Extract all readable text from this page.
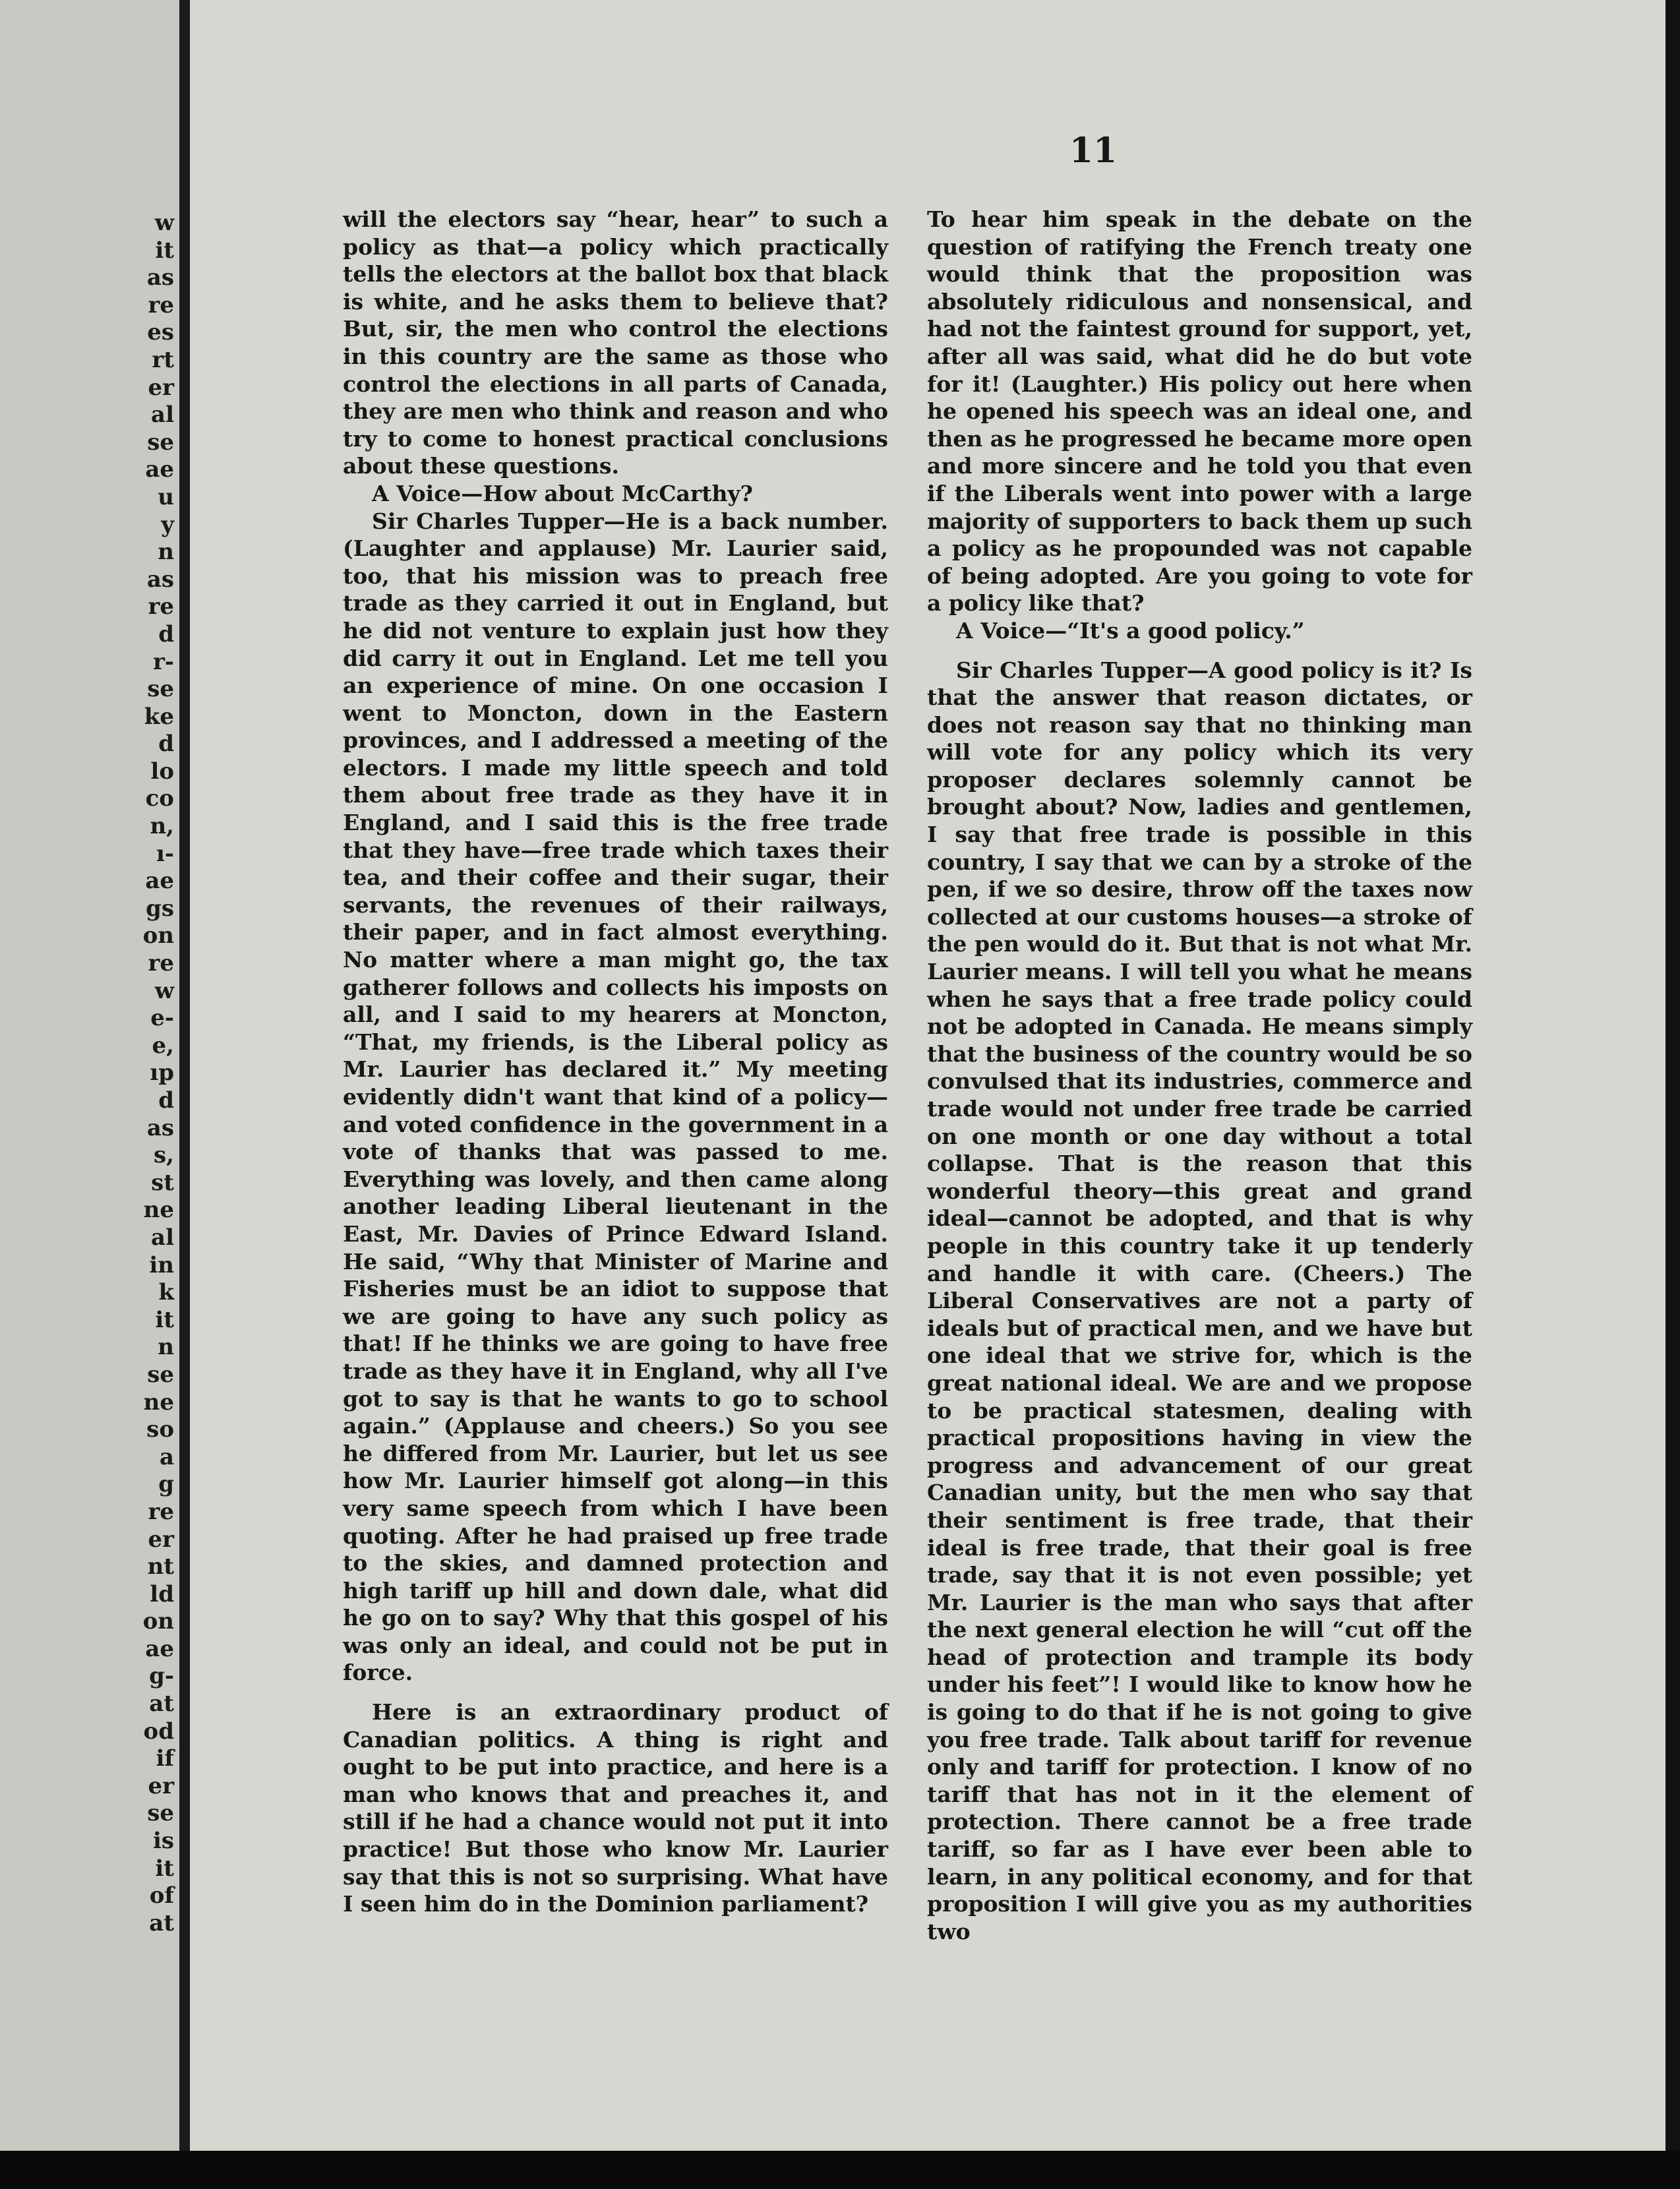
w
it
as
re
es
rt
er
al
se
ae
u
y
n
as
re
d
r-
se
ke
d
lo
co
n,
ı-
ae
gs
on
re
w
e-
e,
ıp
d
as
s,
st
ne
al
in
k
it
n
se
ne
so
a
g
re
er
nt
ld
on
ae
g-
at
od
if
er
se
is
it
of
at
11

will the electors say “hear, hear” to such a policy as that—a policy which practically tells the electors at the ballot box that black is white, and he asks them to believe that? But, sir, the men who control the elections in this country are the same as those who control the elections in all parts of Canada, they are men who think and reason and who try to come to honest practical conclusions about these questions.

A Voice—How about McCarthy?

Sir Charles Tupper—He is a back number. (Laughter and applause) Mr. Laurier said, too, that his mission was to preach free trade as they carried it out in England, but he did not venture to explain just how they did carry it out in England. Let me tell you an experience of mine. On one occasion I went to Moncton, down in the Eastern provinces, and I addressed a meeting of the electors. I made my little speech and told them about free trade as they have it in England, and I said this is the free trade that they have—free trade which taxes their tea, and their coffee and their sugar, their servants, the revenues of their railways, their paper, and in fact almost everything. No matter where a man might go, the tax gatherer follows and collects his imposts on all, and I said to my hearers at Moncton, “That, my friends, is the Liberal policy as Mr. Laurier has declared it.” My meeting evidently didn't want that kind of a policy—and voted confidence in the government in a vote of thanks that was passed to me. Everything was lovely, and then came along another leading Liberal lieutenant in the East, Mr. Davies of Prince Edward Island. He said, “Why that Minister of Marine and Fisheries must be an idiot to suppose that we are going to have any such policy as that! If he thinks we are going to have free trade as they have it in England, why all I've got to say is that he wants to go to school again.” (Applause and cheers.) So you see he differed from Mr. Laurier, but let us see how Mr. Laurier himself got along—in this very same speech from which I have been quoting. After he had praised up free trade to the skies, and damned protection and high tariff up hill and down dale, what did he go on to say? Why that this gospel of his was only an ideal, and could not be put in force.

Here is an extraordinary product of Canadian politics. A thing is right and ought to be put into practice, and here is a man who knows that and preaches it, and still if he had a chance would not put it into practice! But those who know Mr. Laurier say that this is not so surprising. What have I seen him do in the Dominion parliament?

To hear him speak in the debate on the question of ratifying the French treaty one would think that the proposition was absolutely ridiculous and nonsensical, and had not the faintest ground for support, yet, after all was said, what did he do but vote for it! (Laughter.) His policy out here when he opened his speech was an ideal one, and then as he progressed he became more open and more sincere and he told you that even if the Liberals went into power with a large majority of supporters to back them up such a policy as he propounded was not capable of being adopted. Are you going to vote for a policy like that?

A Voice—“It's a good policy.”

Sir Charles Tupper—A good policy is it? Is that the answer that reason dictates, or does not reason say that no thinking man will vote for any policy which its very proposer declares solemnly cannot be brought about? Now, ladies and gentlemen, I say that free trade is possible in this country, I say that we can by a stroke of the pen, if we so desire, throw off the taxes now collected at our customs houses—a stroke of the pen would do it. But that is not what Mr. Laurier means. I will tell you what he means when he says that a free trade policy could not be adopted in Canada. He means simply that the business of the country would be so convulsed that its industries, commerce and trade would not under free trade be carried on one month or one day without a total collapse. That is the reason that this wonderful theory—this great and grand ideal—cannot be adopted, and that is why people in this country take it up tenderly and handle it with care. (Cheers.) The Liberal Conservatives are not a party of ideals but of practical men, and we have but one ideal that we strive for, which is the great national ideal. We are and we propose to be practical statesmen, dealing with practical propositions having in view the progress and advancement of our great Canadian unity, but the men who say that their sentiment is free trade, that their ideal is free trade, that their goal is free trade, say that it is not even possible; yet Mr. Laurier is the man who says that after the next general election he will “cut off the head of protection and trample its body under his feet”! I would like to know how he is going to do that if he is not going to give you free trade. Talk about tariff for revenue only and tariff for protection. I know of no tariff that has not in it the element of protection. There cannot be a free trade tariff, so far as I have ever been able to learn, in any political economy, and for that proposition I will give you as my authorities two
